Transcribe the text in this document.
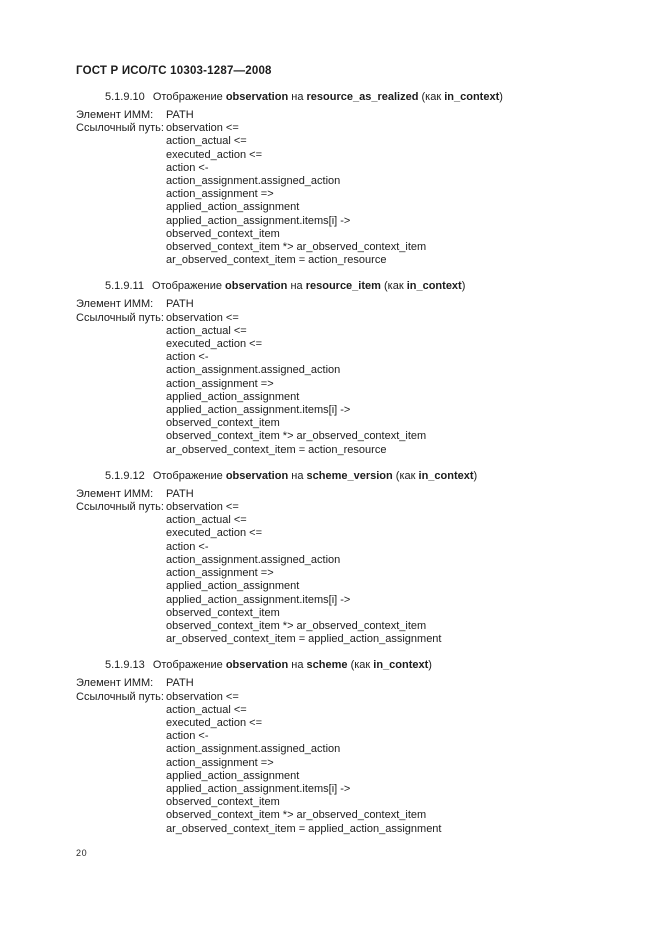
ГОСТ Р ИСО/ТС 10303-1287—2008
5.1.9.10 Отображение observation на resource_as_realized (как in_context)
Элемент ИММ:	PATH
Ссылочный путь: observation <=
action_actual <=
executed_action <=
action <-
action_assignment.assigned_action
action_assignment =>
applied_action_assignment
applied_action_assignment.items[i] ->
observed_context_item
observed_context_item *> ar_observed_context_item
ar_observed_context_item = action_resource
5.1.9.11 Отображение observation на resource_item (как in_context)
Элемент ИММ:	PATH
Ссылочный путь: observation <=
action_actual <=
executed_action <=
action <-
action_assignment.assigned_action
action_assignment =>
applied_action_assignment
applied_action_assignment.items[i] ->
observed_context_item
observed_context_item *> ar_observed_context_item
ar_observed_context_item = action_resource
5.1.9.12 Отображение observation на scheme_version (как in_context)
Элемент ИММ:	PATH
Ссылочный путь: observation <=
action_actual <=
executed_action <=
action <-
action_assignment.assigned_action
action_assignment =>
applied_action_assignment
applied_action_assignment.items[i] ->
observed_context_item
observed_context_item *> ar_observed_context_item
ar_observed_context_item = applied_action_assignment
5.1.9.13 Отображение observation на scheme (как in_context)
Элемент ИММ:	PATH
Ссылочный путь: observation <=
action_actual <=
executed_action <=
action <-
action_assignment.assigned_action
action_assignment =>
applied_action_assignment
applied_action_assignment.items[i] ->
observed_context_item
observed_context_item *> ar_observed_context_item
ar_observed_context_item = applied_action_assignment
20
